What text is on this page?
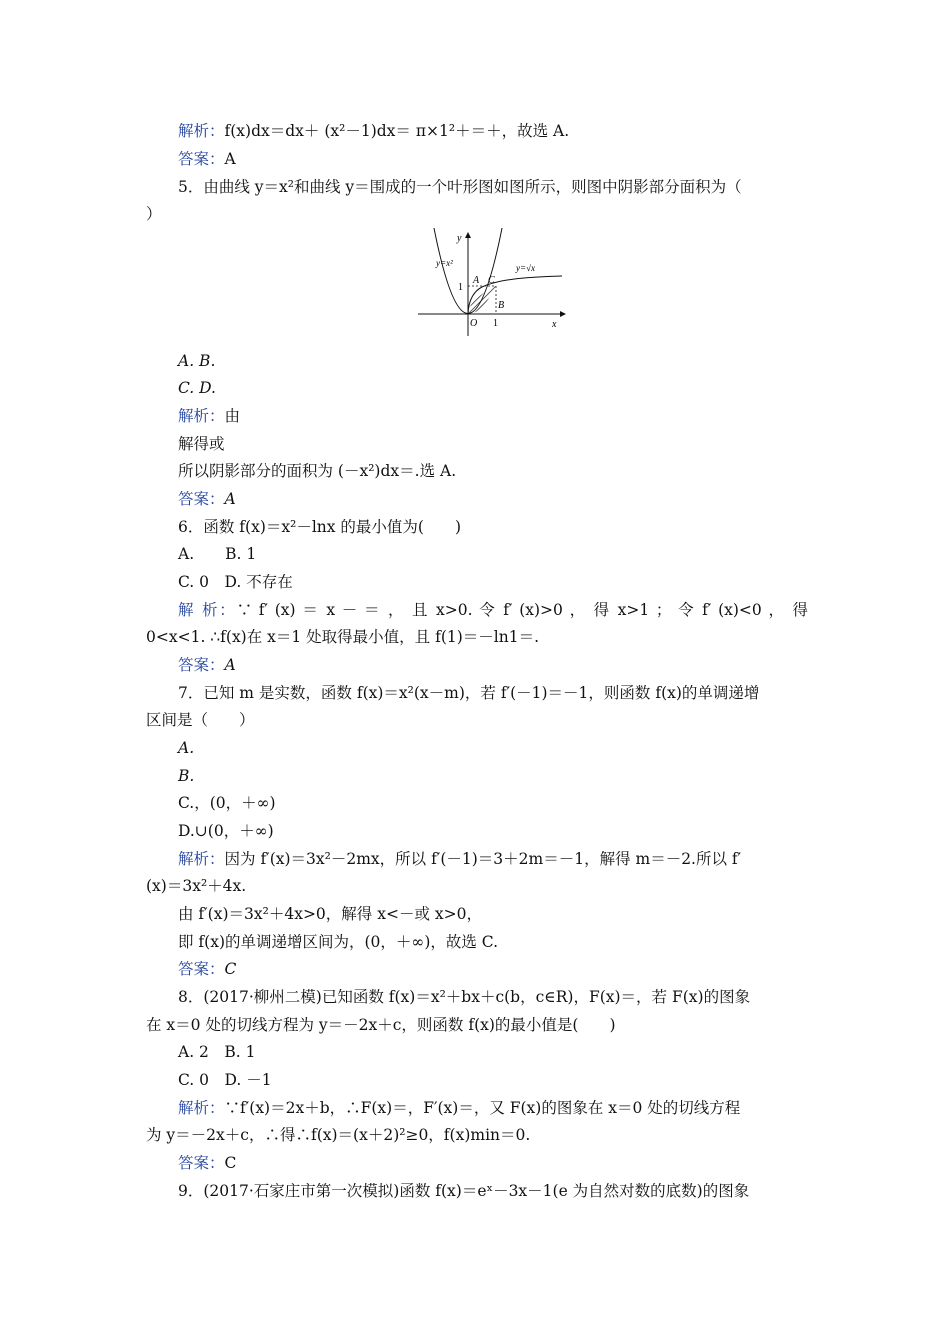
解析：f(x)dx＝dx＋ (x²－1)dx＝ π×1²＋＝＋，故选 A.
答案：A
5．由曲线 y＝x²和曲线 y＝围成的一个叶形图如图所示，则图中阴影部分面积为（
）
y
x
y=x²	y=√x
A C
B
O 1
1
A. B.
C. D.
解析：由
解得或
所以阴影部分的面积为 (－x²)dx＝.选 A.
答案：A
6．函数 f(x)＝x²－lnx 的最小值为(　　)
A.　　B. 1
C. 0　D. 不存在
解 析：∵ f′ (x) ＝ x － ＝ ， 且 x>0. 令 f′ (x)>0 ， 得 x>1 ； 令 f′ (x)<0 ， 得
0<x<1. ∴f(x)在 x＝1 处取得最小值，且 f(1)＝－ln1＝.
答案：A
7．已知 m 是实数，函数 f(x)＝x²(x－m)，若 f′(－1)＝－1，则函数 f(x)的单调递增
区间是（　　）
A.
B.
C.，(0，＋∞)
D.∪(0，＋∞)
解析：因为 f′(x)＝3x²－2mx，所以 f′(－1)＝3＋2m＝－1，解得 m＝－2.所以 f′
(x)＝3x²＋4x.
由 f′(x)＝3x²＋4x>0，解得 x<－或 x>0，
即 f(x)的单调递增区间为，(0，＋∞)，故选 C.
答案：C
8．(2017·柳州二模)已知函数 f(x)＝x²＋bx＋c(b，c∈R)，F(x)＝，若 F(x)的图象
在 x＝0 处的切线方程为 y＝－2x＋c，则函数 f(x)的最小值是(　　)
A. 2　B. 1
C. 0　D. －1
解析：∵f′(x)＝2x＋b，∴F(x)＝，F′(x)＝，又 F(x)的图象在 x＝0 处的切线方程
为 y＝－2x＋c，∴得∴f(x)＝(x＋2)²≥0，f(x)min＝0.
答案：C
9．(2017·石家庄市第一次模拟)函数 f(x)＝eˣ－3x－1(e 为自然对数的底数)的图象
